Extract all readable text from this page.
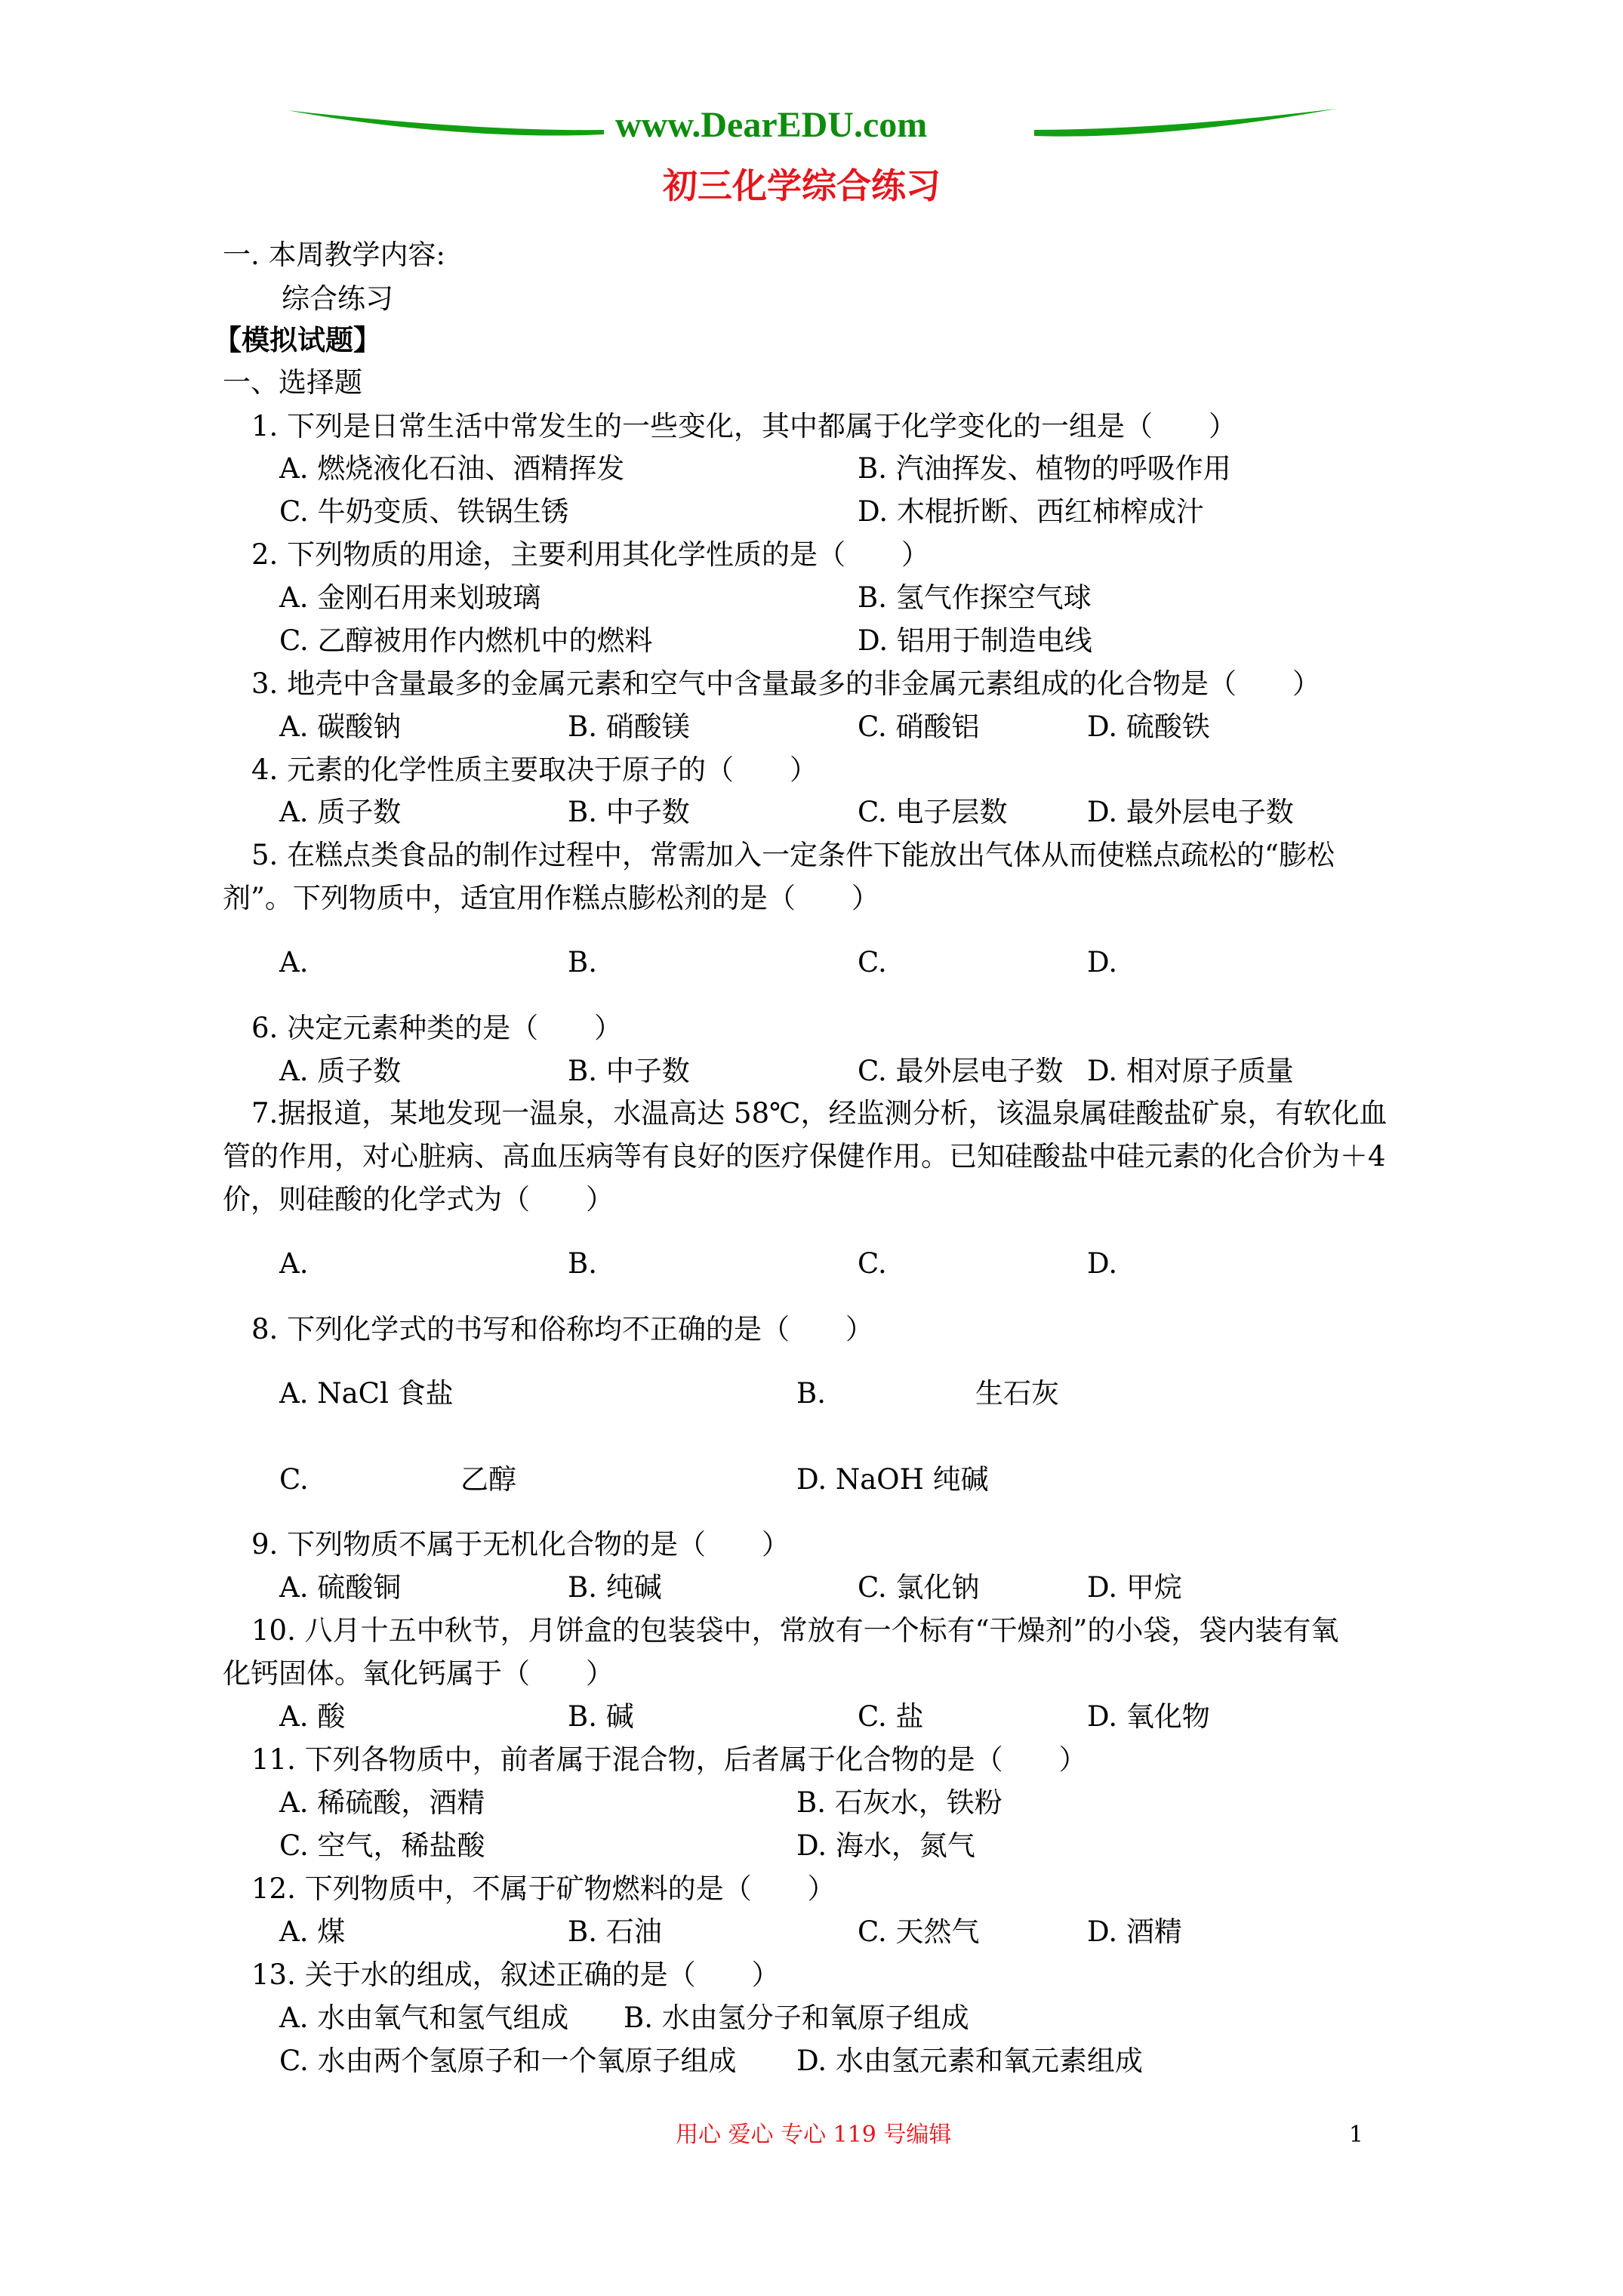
www.DearEDU.com
初三化学综合练习
一. 本周教学内容:
综合练习
【模拟试题】
一、选择题
1. 下列是日常生活中常发生的一些变化，其中都属于化学变化的一组是（　　）
A. 燃烧液化石油、酒精挥发	B. 汽油挥发、植物的呼吸作用
C. 牛奶变质、铁锅生锈	D. 木棍折断、西红柿榨成汁
2. 下列物质的用途，主要利用其化学性质的是（　　）
A. 金刚石用来划玻璃	B. 氢气作探空气球
C. 乙醇被用作内燃机中的燃料	D. 铝用于制造电线
3. 地壳中含量最多的金属元素和空气中含量最多的非金属元素组成的化合物是（　　）
A. 碳酸钠	B. 硝酸镁	C. 硝酸铝	D. 硫酸铁
4. 元素的化学性质主要取决于原子的（　　）
A. 质子数	B. 中子数	C. 电子层数	D. 最外层电子数
5. 在糕点类食品的制作过程中，常需加入一定条件下能放出气体从而使糕点疏松的“膨松
剂”。下列物质中，适宜用作糕点膨松剂的是（　　）
A.	B.	C.	D.
6. 决定元素种类的是（　　）
A. 质子数	B. 中子数	C. 最外层电子数 D. 相对原子质量
7.据报道，某地发现一温泉，水温高达 58℃，经监测分析，该温泉属硅酸盐矿泉，有软化血
管的作用，对心脏病、高血压病等有良好的医疗保健作用。已知硅酸盐中硅元素的化合价为＋4
价，则硅酸的化学式为（　　）
A.	B.	C.	D.
8. 下列化学式的书写和俗称均不正确的是（　　）
A. NaCl 食盐	B.	生石灰
C.	乙醇	D. NaOH 纯碱
9. 下列物质不属于无机化合物的是（　　）
A. 硫酸铜	B. 纯碱	C. 氯化钠	D. 甲烷
10. 八月十五中秋节，月饼盒的包装袋中，常放有一个标有“干燥剂”的小袋，袋内装有氧
化钙固体。氧化钙属于（　　）
A. 酸	B. 碱	C. 盐	D. 氧化物
11. 下列各物质中，前者属于混合物，后者属于化合物的是（　　）
A. 稀硫酸，酒精	B. 石灰水，铁粉
C. 空气，稀盐酸	D. 海水，氮气
12. 下列物质中，不属于矿物燃料的是（　　）
A. 煤	B. 石油	C. 天然气	D. 酒精
13. 关于水的组成，叙述正确的是（　　）
A. 水由氧气和氢气组成 B. 水由氢分子和氧原子组成
C. 水由两个氢原子和一个氧原子组成 D. 水由氢元素和氧元素组成
用心 爱心 专心 119 号编辑	1
